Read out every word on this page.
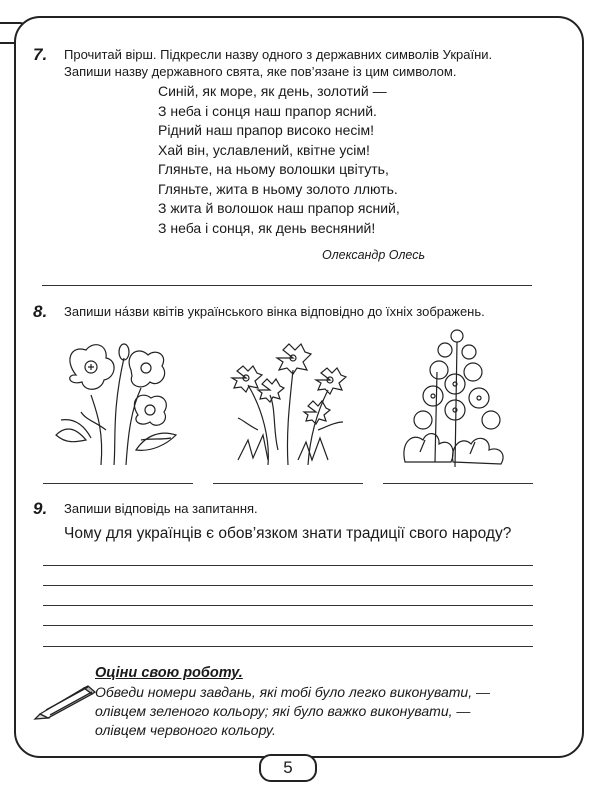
7. Прочитай вірш. Підкресли назву одного з державних символів України.
Запиши назву державного свята, яке пов’язане із цим символом.
Синій, як море, як день, золотий —
З неба і сонця наш прапор ясний.
Рідний наш прапор високо несім!
Хай він, уславлений, квітне усім!
Гляньте, на ньому волошки цвітуть,
Гляньте, жита в ньому золото ллють.
З жита й волошок наш прапор ясний,
З неба і сонця, як день весняний!
Олександр Олесь
8. Запиши на́зви квітів українського вінка відповідно до їхніх зображень.
9. Запиши відповідь на запитання.
Чому для українців є обов’язком знати традиції свого народу?
Оціни свою роботу.
Обведи номери завдань, які тобі було легко виконувати, —
олівцем зеленого кольору; які було важко виконувати, —
олівцем червоного кольору.
5
